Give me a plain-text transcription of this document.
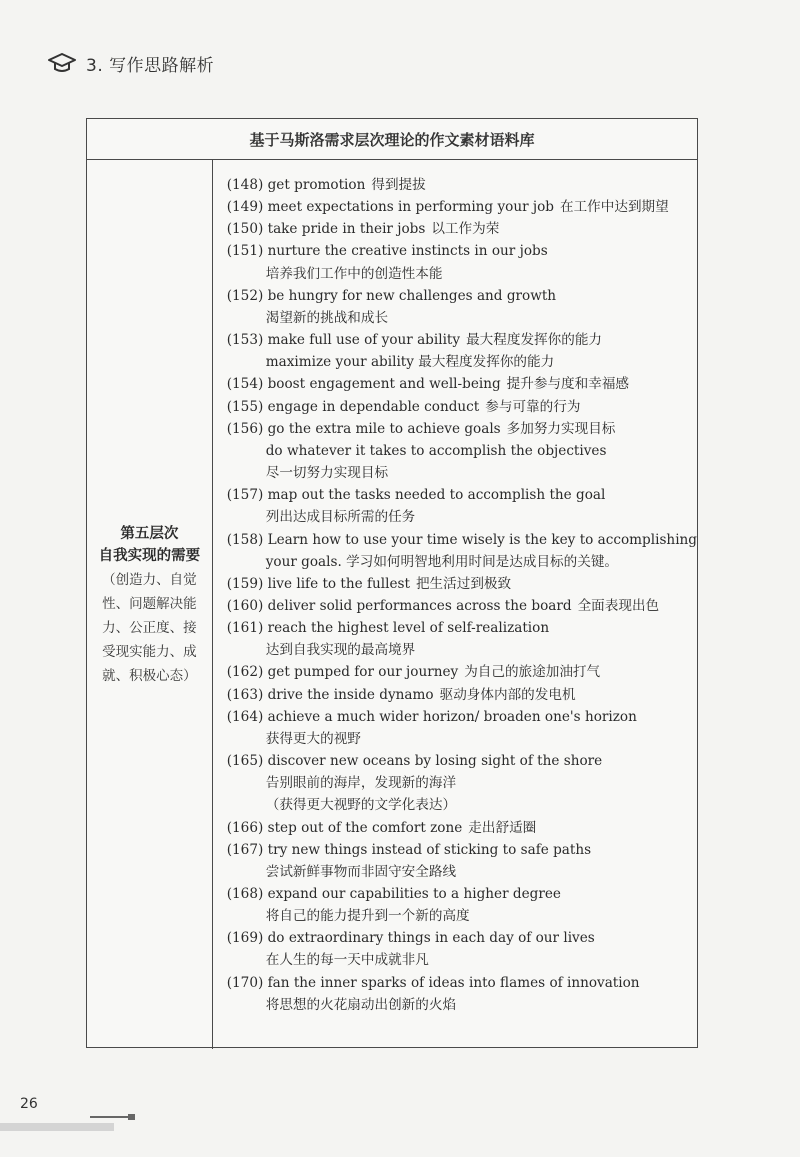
3. 写作思路解析
基于马斯洛需求层次理论的作文素材语料库
第五层次
自我实现的需要
（创造力、自觉
性、问题解决能
力、公正度、接
受现实能力、成
就、积极心态）
(148) get promotion 得到提拔
(149) meet expectations in performing your job 在工作中达到期望
(150) take pride in their jobs 以工作为荣
(151) nurture the creative instincts in our jobs
培养我们工作中的创造性本能
(152) be hungry for new challenges and growth
渴望新的挑战和成长
(153) make full use of your ability 最大程度发挥你的能力
maximize your ability 最大程度发挥你的能力
(154) boost engagement and well-being 提升参与度和幸福感
(155) engage in dependable conduct 参与可靠的行为
(156) go the extra mile to achieve goals 多加努力实现目标
do whatever it takes to accomplish the objectives
尽一切努力实现目标
(157) map out the tasks needed to accomplish the goal
列出达成目标所需的任务
(158) Learn how to use your time wisely is the key to accomplishing
your goals. 学习如何明智地利用时间是达成目标的关键。
(159) live life to the fullest 把生活过到极致
(160) deliver solid performances across the board 全面表现出色
(161) reach the highest level of self-realization
达到自我实现的最高境界
(162) get pumped for our journey 为自己的旅途加油打气
(163) drive the inside dynamo 驱动身体内部的发电机
(164) achieve a much wider horizon/ broaden one's horizon
获得更大的视野
(165) discover new oceans by losing sight of the shore
告别眼前的海岸，发现新的海洋
（获得更大视野的文学化表达）
(166) step out of the comfort zone 走出舒适圈
(167) try new things instead of sticking to safe paths
尝试新鲜事物而非固守安全路线
(168) expand our capabilities to a higher degree
将自己的能力提升到一个新的高度
(169) do extraordinary things in each day of our lives
在人生的每一天中成就非凡
(170) fan the inner sparks of ideas into flames of innovation
将思想的火花扇动出创新的火焰
26
